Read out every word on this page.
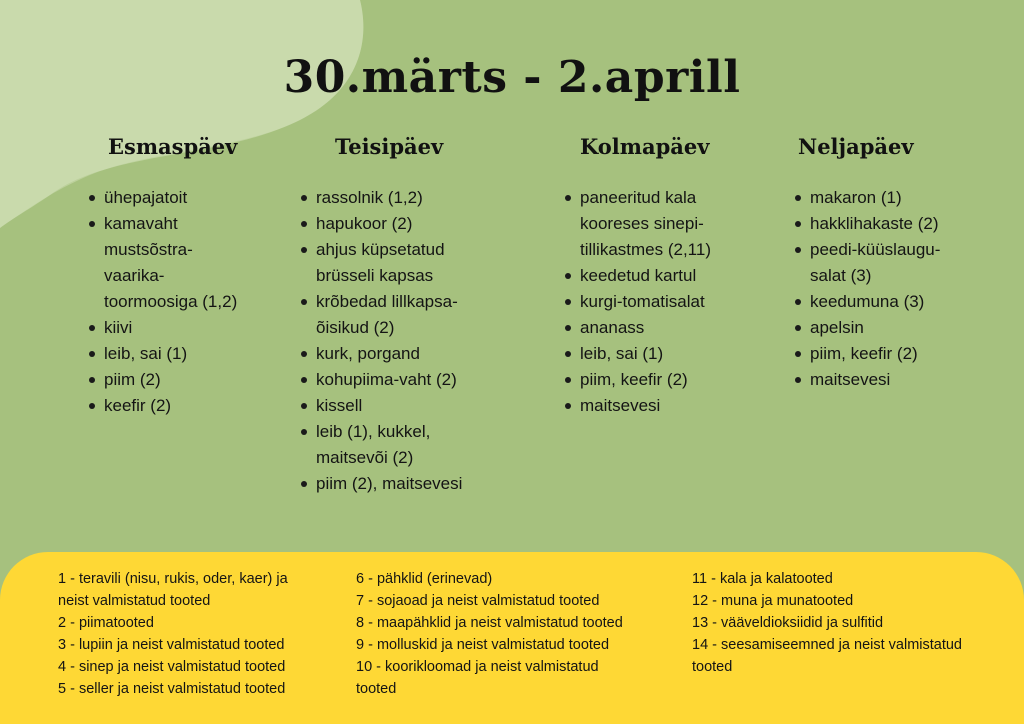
30.märts - 2.aprill
Esmaspäev
ühepajatoit
kamavaht
mustsõstra-
vaarika-
toormoosiga (1,2)
kiivi
leib, sai (1)
piim (2)
keefir (2)
Teisipäev
rassolnik (1,2)
hapukoor (2)
ahjus küpsetatud
brüsseli kapsas
krõbedad lillkapsa-
õisikud (2)
kurk, porgand
kohupiima-vaht (2)
kissell
leib (1), kukkel,
maitsevõi (2)
piim (2), maitsevesi
Kolmapäev
paneeritud kala
kooreses sinepi-
tillikastmes (2,11)
keedetud kartul
kurgi-tomatisalat
ananass
leib, sai (1)
piim, keefir (2)
maitsevesi
Neljapäev
makaron (1)
hakklihakaste (2)
peedi-küüslaugu-
salat (3)
keedumuna (3)
apelsin
piim, keefir (2)
maitsevesi
1 - teravili (nisu, rukis, oder, kaer) ja
neist valmistatud tooted
2 - piimatooted
3 - lupiin ja neist valmistatud tooted
4 - sinep ja neist valmistatud tooted
5 - seller ja neist valmistatud tooted
6 - pähklid (erinevad)
7 - sojaoad ja neist valmistatud tooted
8 - maapähklid ja neist valmistatud tooted
9 - molluskid ja neist valmistatud tooted
10 - koorikloomad ja neist valmistatud
tooted
11 - kala ja kalatooted
12 - muna ja munatooted
13 - vääveldioksiidid ja sulfitid
14 - seesamiseemned ja neist valmistatud
tooted
